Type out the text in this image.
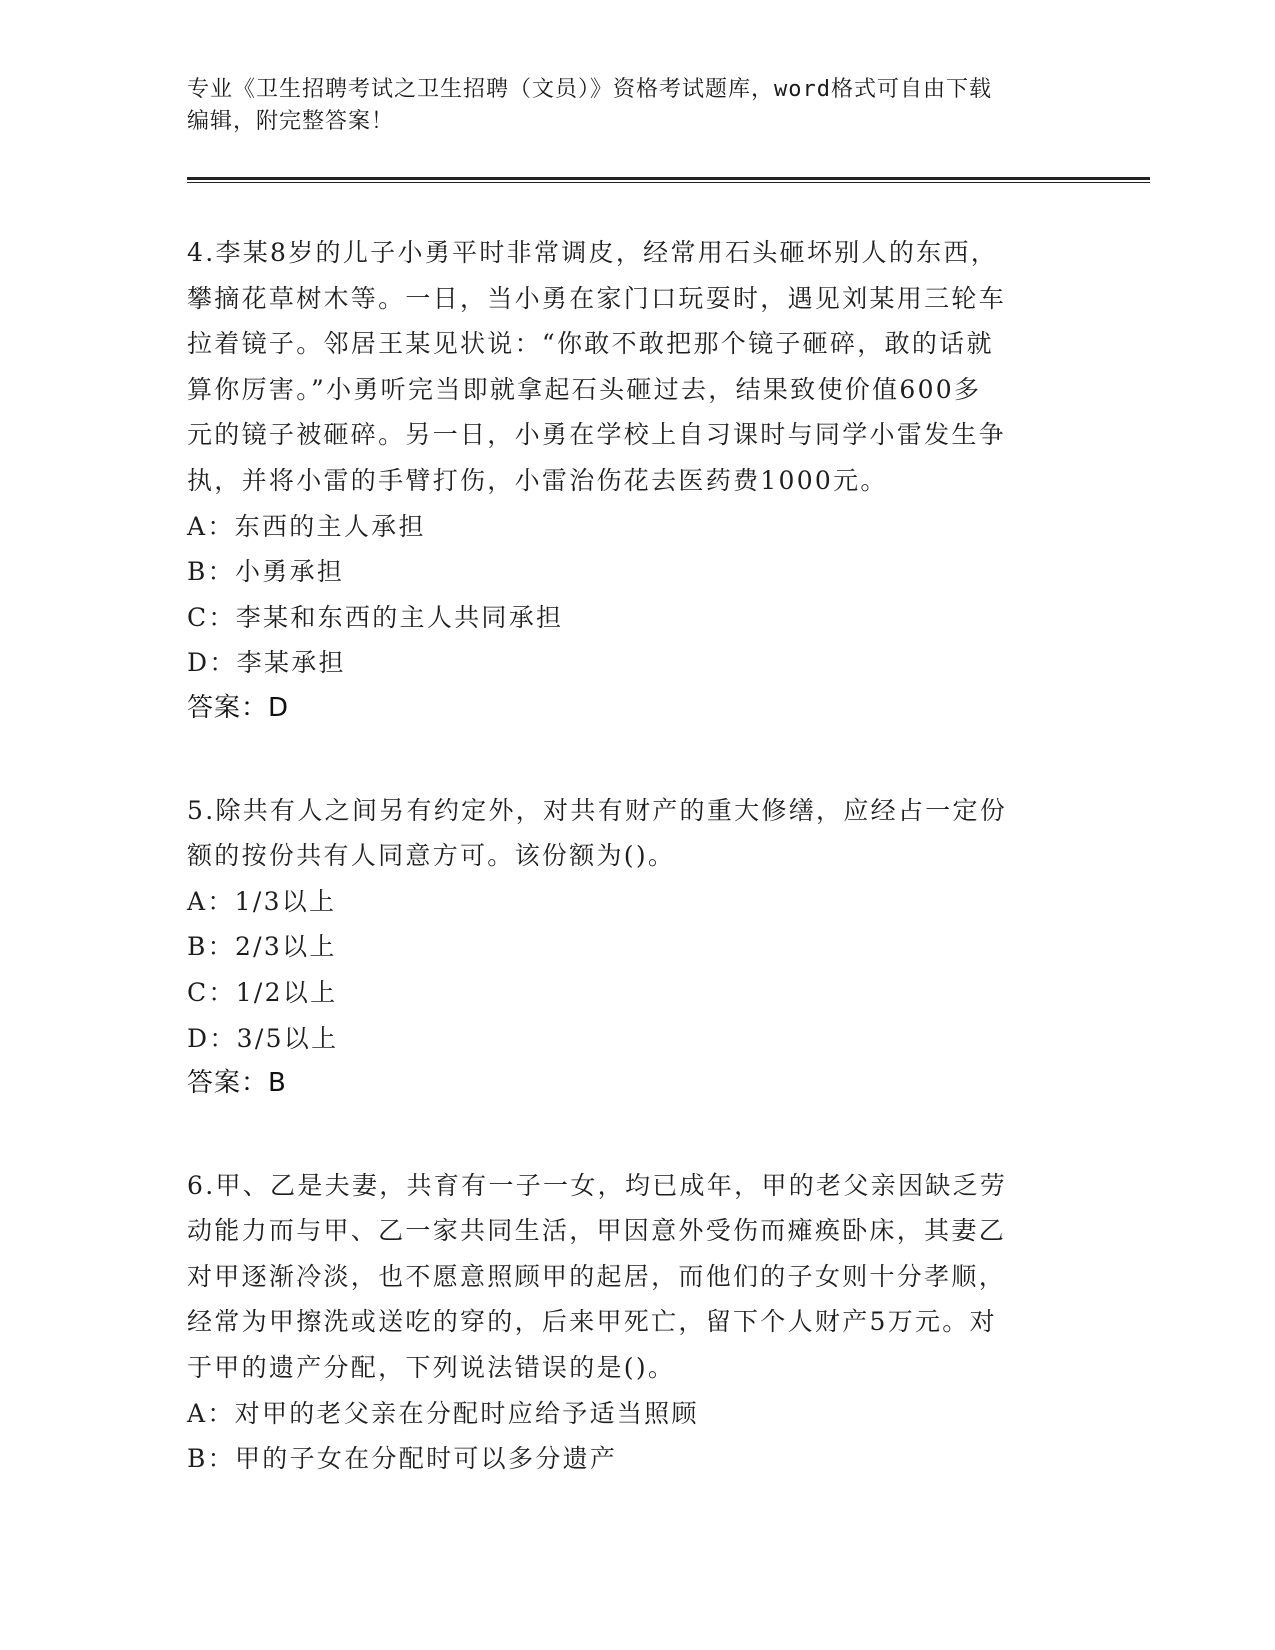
专业《卫生招聘考试之卫生招聘（文员）》资格考试题库，word格式可自由下载
编辑，附完整答案！
4.李某8岁的儿子小勇平时非常调皮，经常用石头砸坏别人的东西，
攀摘花草树木等。一日，当小勇在家门口玩耍时，遇见刘某用三轮车
拉着镜子。邻居王某见状说：“你敢不敢把那个镜子砸碎，敢的话就
算你厉害。”小勇听完当即就拿起石头砸过去，结果致使价值600多
元的镜子被砸碎。另一日，小勇在学校上自习课时与同学小雷发生争
执，并将小雷的手臂打伤，小雷治伤花去医药费1000元。
A：东西的主人承担
B：小勇承担
C：李某和东西的主人共同承担
D：李某承担
答案：D
5.除共有人之间另有约定外，对共有财产的重大修缮，应经占一定份
额的按份共有人同意方可。该份额为()。
A：1/3以上
B：2/3以上
C：1/2以上
D：3/5以上
答案：B
6.甲、乙是夫妻，共育有一子一女，均已成年，甲的老父亲因缺乏劳
动能力而与甲、乙一家共同生活，甲因意外受伤而瘫痪卧床，其妻乙
对甲逐渐冷淡，也不愿意照顾甲的起居，而他们的子女则十分孝顺，
经常为甲擦洗或送吃的穿的，后来甲死亡，留下个人财产5万元。对
于甲的遗产分配，下列说法错误的是()。
A：对甲的老父亲在分配时应给予适当照顾
B：甲的子女在分配时可以多分遗产
